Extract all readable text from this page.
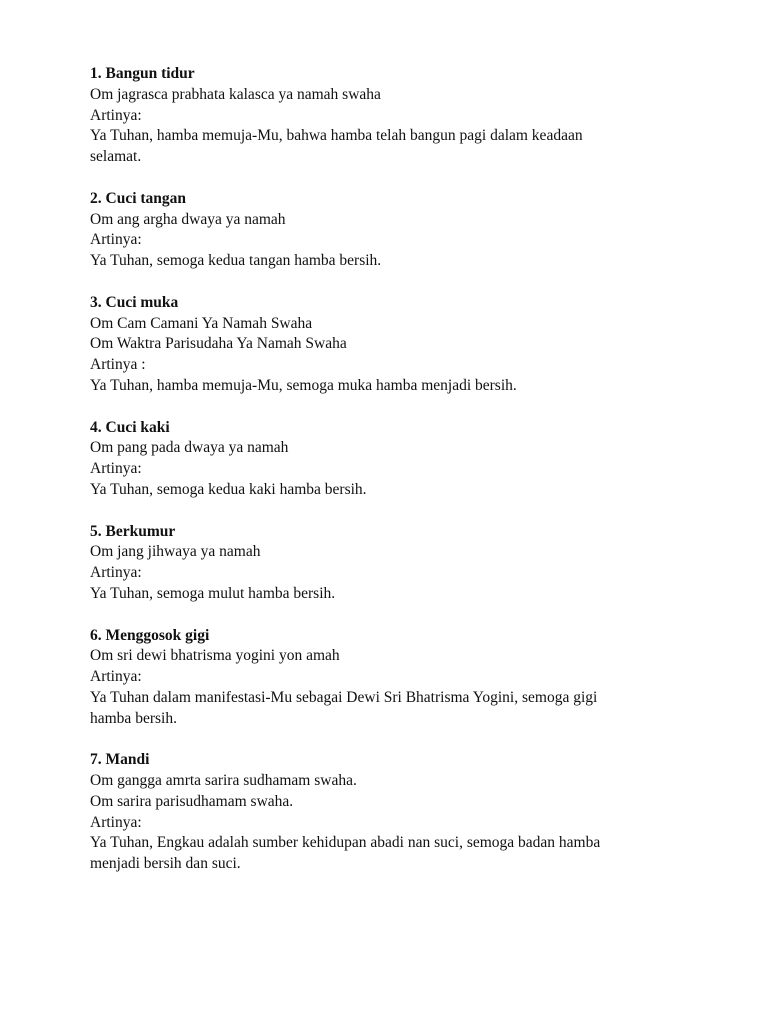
1. Bangun tidur
Om jagrasca prabhata kalasca ya namah swaha
Artinya:
Ya Tuhan, hamba memuja-Mu, bahwa hamba telah bangun pagi dalam keadaan
selamat.
2. Cuci tangan
Om ang argha dwaya ya namah
Artinya:
Ya Tuhan, semoga kedua tangan hamba bersih.
3. Cuci muka
Om Cam Camani Ya Namah Swaha
Om Waktra Parisudaha Ya Namah Swaha
Artinya :
Ya Tuhan, hamba memuja-Mu, semoga muka hamba menjadi bersih.
4. Cuci kaki
Om pang pada dwaya ya namah
Artinya:
Ya Tuhan, semoga kedua kaki hamba bersih.
5. Berkumur
Om jang jihwaya ya namah
Artinya:
Ya Tuhan, semoga mulut hamba bersih.
6. Menggosok gigi
Om sri dewi bhatrisma yogini yon amah
Artinya:
Ya Tuhan dalam manifestasi-Mu sebagai Dewi Sri Bhatrisma Yogini, semoga gigi
hamba bersih.
7. Mandi
Om gangga amrta sarira sudhamam swaha.
Om sarira parisudhamam swaha.
Artinya:
Ya Tuhan, Engkau adalah sumber kehidupan abadi nan suci, semoga badan hamba
menjadi bersih dan suci.
